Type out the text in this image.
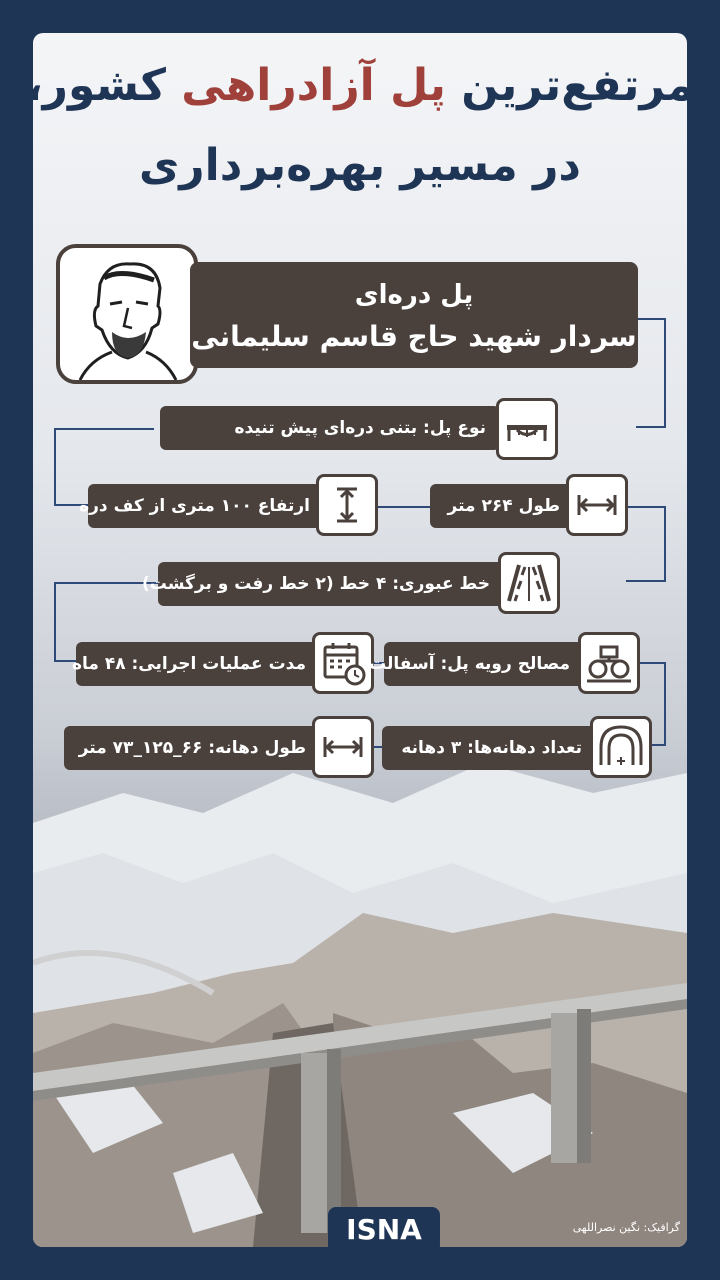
مرتفع‌ترین پل آزادراهی کشور،
در مسیر بهره‌برداری
پل دره‌ای
سردار شهید حاج قاسم سلیمانی
نوع پل: بتنی دره‌ای پیش تنیده
ارتفاع ۱۰۰ متری از کف دره	طول ۲۶۴ متر
خط عبوری: ۴ خط (۲ خط رفت و برگشت)
مدت عملیات اجرایی: ۴۸ ماه	مصالح رویه پل: آسفالت
طول دهانه: ۶۶_۱۲۵_۷۳ متر	تعداد دهانه‌ها: ۳ دهانه
ISNA	گرافیک: نگین نصراللهی
